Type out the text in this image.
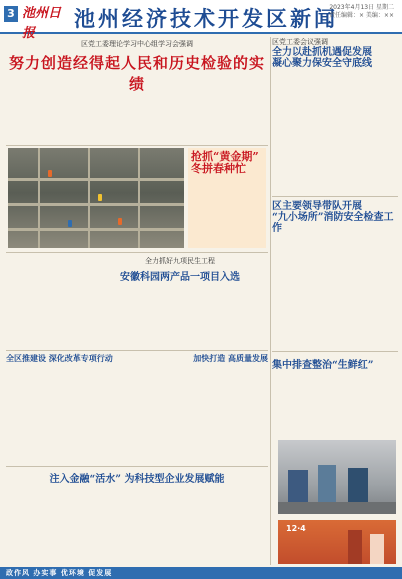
3 池州日报
池州经济技术开发区新闻
2023年4月13日 星期二
责任编辑：× 美编：××
区党工委理论学习中心组学习会强调
努力创造经得起人民和历史检验的实绩
抢抓“黄金期”
冬拼春种忙
全力抓好九项民生工程
安徽科园两产品一项目入选
全区推建设 深化改革专项行动	加快打造 高质量发展
注入金融“活水” 为科技型企业发展赋能
区党工委会议强调
全力以赴抓机遇促发展
凝心聚力保安全守底线
区主要领导带队开展
“九小场所”消防安全检查工作
集中排查整治“生鲜红”
12·4
政作风 办实事 优环境 促发展
